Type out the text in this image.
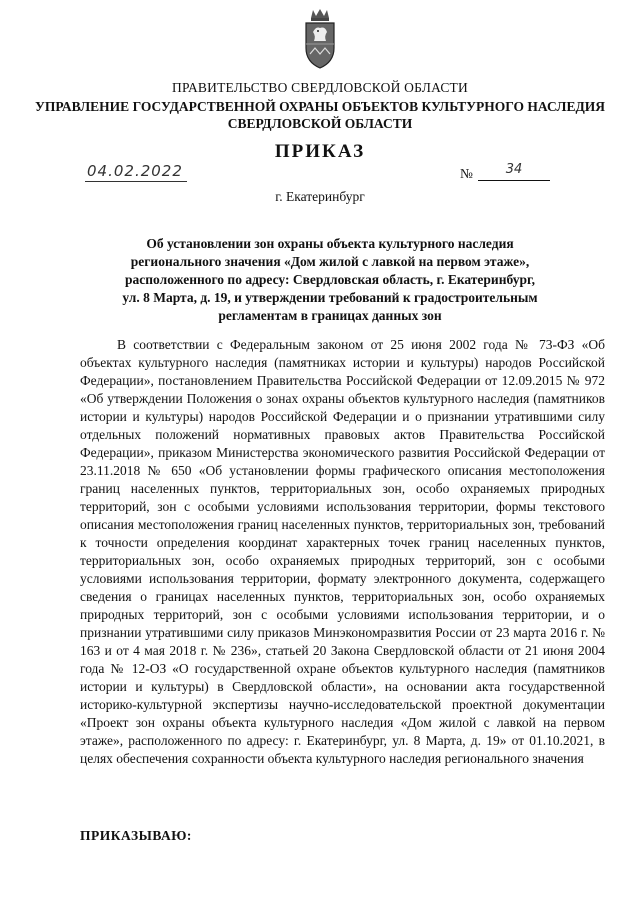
ПРАВИТЕЛЬСТВО СВЕРДЛОВСКОЙ ОБЛАСТИ
УПРАВЛЕНИЕ ГОСУДАРСТВЕННОЙ ОХРАНЫ ОБЪЕКТОВ КУЛЬТУРНОГО НАСЛЕДИЯ
СВЕРДЛОВСКОЙ ОБЛАСТИ
ПРИКАЗ
04.02.2022	№	34
г. Екатеринбург
Об установлении зон охраны объекта культурного наследия
регионального значения «Дом жилой с лавкой на первом этаже»,
расположенного по адресу: Свердловская область, г. Екатеринбург,
ул. 8 Марта, д. 19, и утверждении требований к градостроительным
регламентам в границах данных зон

В соответствии с Федеральным законом от 25 июня 2002 года № 73-ФЗ «Об объектах культурного наследия (памятниках истории и культуры) народов Российской Федерации», постановлением Правительства Российской Федерации от 12.09.2015 № 972 «Об утверждении Положения о зонах охраны объектов культурного наследия (памятников истории и культуры) народов Российской Федерации и о признании утратившими силу отдельных положений нормативных правовых актов Правительства Российской Федерации», приказом Министерства экономического развития Российской Федерации от 23.11.2018 № 650 «Об установлении формы графического описания местоположения границ населенных пунктов, территориальных зон, особо охраняемых природных территорий, зон с особыми условиями использования территории, формы текстового описания местоположения границ населенных пунктов, территориальных зон, требований к точности определения координат характерных точек границ населенных пунктов, территориальных зон, особо охраняемых природных территорий, зон с особыми условиями использования территории, формату электронного документа, содержащего сведения о границах населенных пунктов, территориальных зон, особо охраняемых природных территорий, зон с особыми условиями использования территории, и о признании утратившими силу приказов Минэкономразвития России от 23 марта 2016 г. № 163 и от 4 мая 2018 г. № 236», статьей 20 Закона Свердловской области от 21 июня 2004 года № 12-ОЗ «О государственной охране объектов культурного наследия (памятников истории и культуры) в Свердловской области», на основании акта государственной историко-культурной экспертизы научно-исследовательской проектной документации «Проект зон охраны объекта культурного наследия «Дом жилой с лавкой на первом этаже», расположенного по адресу: г. Екатеринбург, ул. 8 Марта, д. 19» от 01.10.2021, в целях обеспечения сохранности объекта культурного наследия регионального значения

ПРИКАЗЫВАЮ:
